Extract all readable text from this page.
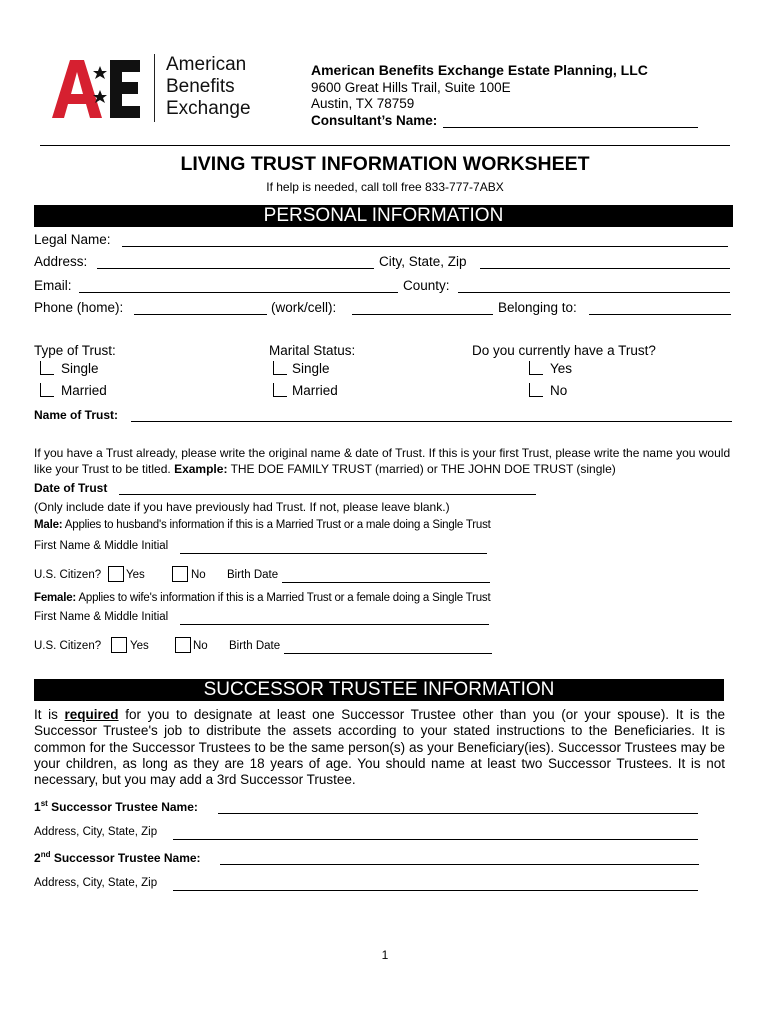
American
Benefits
Exchange
American Benefits Exchange Estate Planning, LLC
9600 Great Hills Trail, Suite 100E
Austin, TX 78759
Consultant’s Name:
LIVING TRUST INFORMATION WORKSHEET
If help is needed, call toll free 833-777-7ABX
PERSONAL INFORMATION
Legal Name:
Address:	City, State, Zip
Email:	County:
Phone (home):	(work/cell):	Belonging to:
Type of Trust:
Single
Married
Marital Status:
Single
Married
Do you currently have a Trust?
Yes
No
Name of Trust:
If you have a Trust already, please write the original name & date of Trust. If this is your first Trust, please write the name you would like your Trust to be titled. Example: THE DOE FAMILY TRUST (married) or THE JOHN DOE TRUST (single)
Date of Trust
(Only include date if you have previously had Trust. If not, please leave blank.)
Male: Applies to husband's information if this is a Married Trust or a male doing a Single Trust
First Name & Middle Initial
U.S. Citizen? Yes	No Birth Date
Female: Applies to wife's information if this is a Married Trust or a female doing a Single Trust
First Name & Middle Initial
U.S. Citizen?	Yes	No Birth Date
SUCCESSOR TRUSTEE INFORMATION
It is required for you to designate at least one Successor Trustee other than you (or your spouse). It is the Successor Trustee's job to distribute the assets according to your stated instructions to the Beneficiaries. It is common for the Successor Trustees to be the same person(s) as your Beneficiary(ies). Successor Trustees may be your children, as long as they are 18 years of age. You should name at least two Successor Trustees. It is not necessary, but you may add a 3rd Successor Trustee.
1st Successor Trustee Name:
Address, City, State, Zip
2nd Successor Trustee Name:
Address, City, State, Zip
1
